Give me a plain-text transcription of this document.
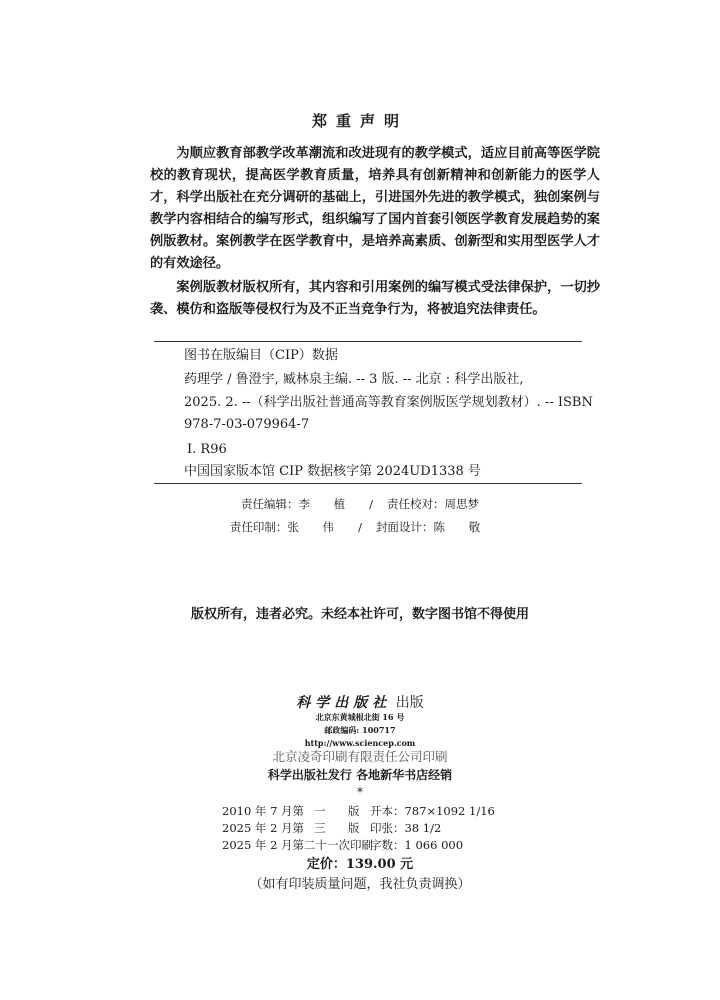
郑重声明

为顺应教育部教学改革潮流和改进现有的教学模式，适应目前高等医学院校的教育现状，提高医学教育质量，培养具有创新精神和创新能力的医学人才，科学出版社在充分调研的基础上，引进国外先进的教学模式，独创案例与教学内容相结合的编写形式，组织编写了国内首套引领医学教育发展趋势的案例版教材。案例教学在医学教育中，是培养高素质、创新型和实用型医学人才的有效途径。

案例版教材版权所有，其内容和引用案例的编写模式受法律保护，一切抄袭、模仿和盗版等侵权行为及不正当竞争行为，将被追究法律责任。

图书在版编目（CIP）数据
药理学 / 鲁澄宇, 臧林泉主编. -- 3 版. -- 北京 : 科学出版社,
2025. 2. --（科学出版社普通高等教育案例版医学规划教材）. -- ISBN
978-7-03-079964-7
Ⅰ. R96
中国国家版本馆 CIP 数据核字第 2024UD1338 号
责任编辑：李 植 / 责任校对：周思梦
责任印制：张 伟 / 封面设计：陈 敬
版权所有，违者必究。未经本社许可，数字图书馆不得使用
科学出版社 出版
北京东黄城根北街 16 号
邮政编码: 100717
http://www.sciencep.com
北京凌奇印刷有限责任公司印刷
科学出版社发行 各地新华书店经销
*
2010 年 7 月第 一 版 开本：787×1092 1/16
2025 年 2 月第 三 版 印张：38 1/2
2025 年 2 月第二十一次印刷
字数：1 066 000
定价：139.00 元
（如有印装质量问题，我社负责调换）
